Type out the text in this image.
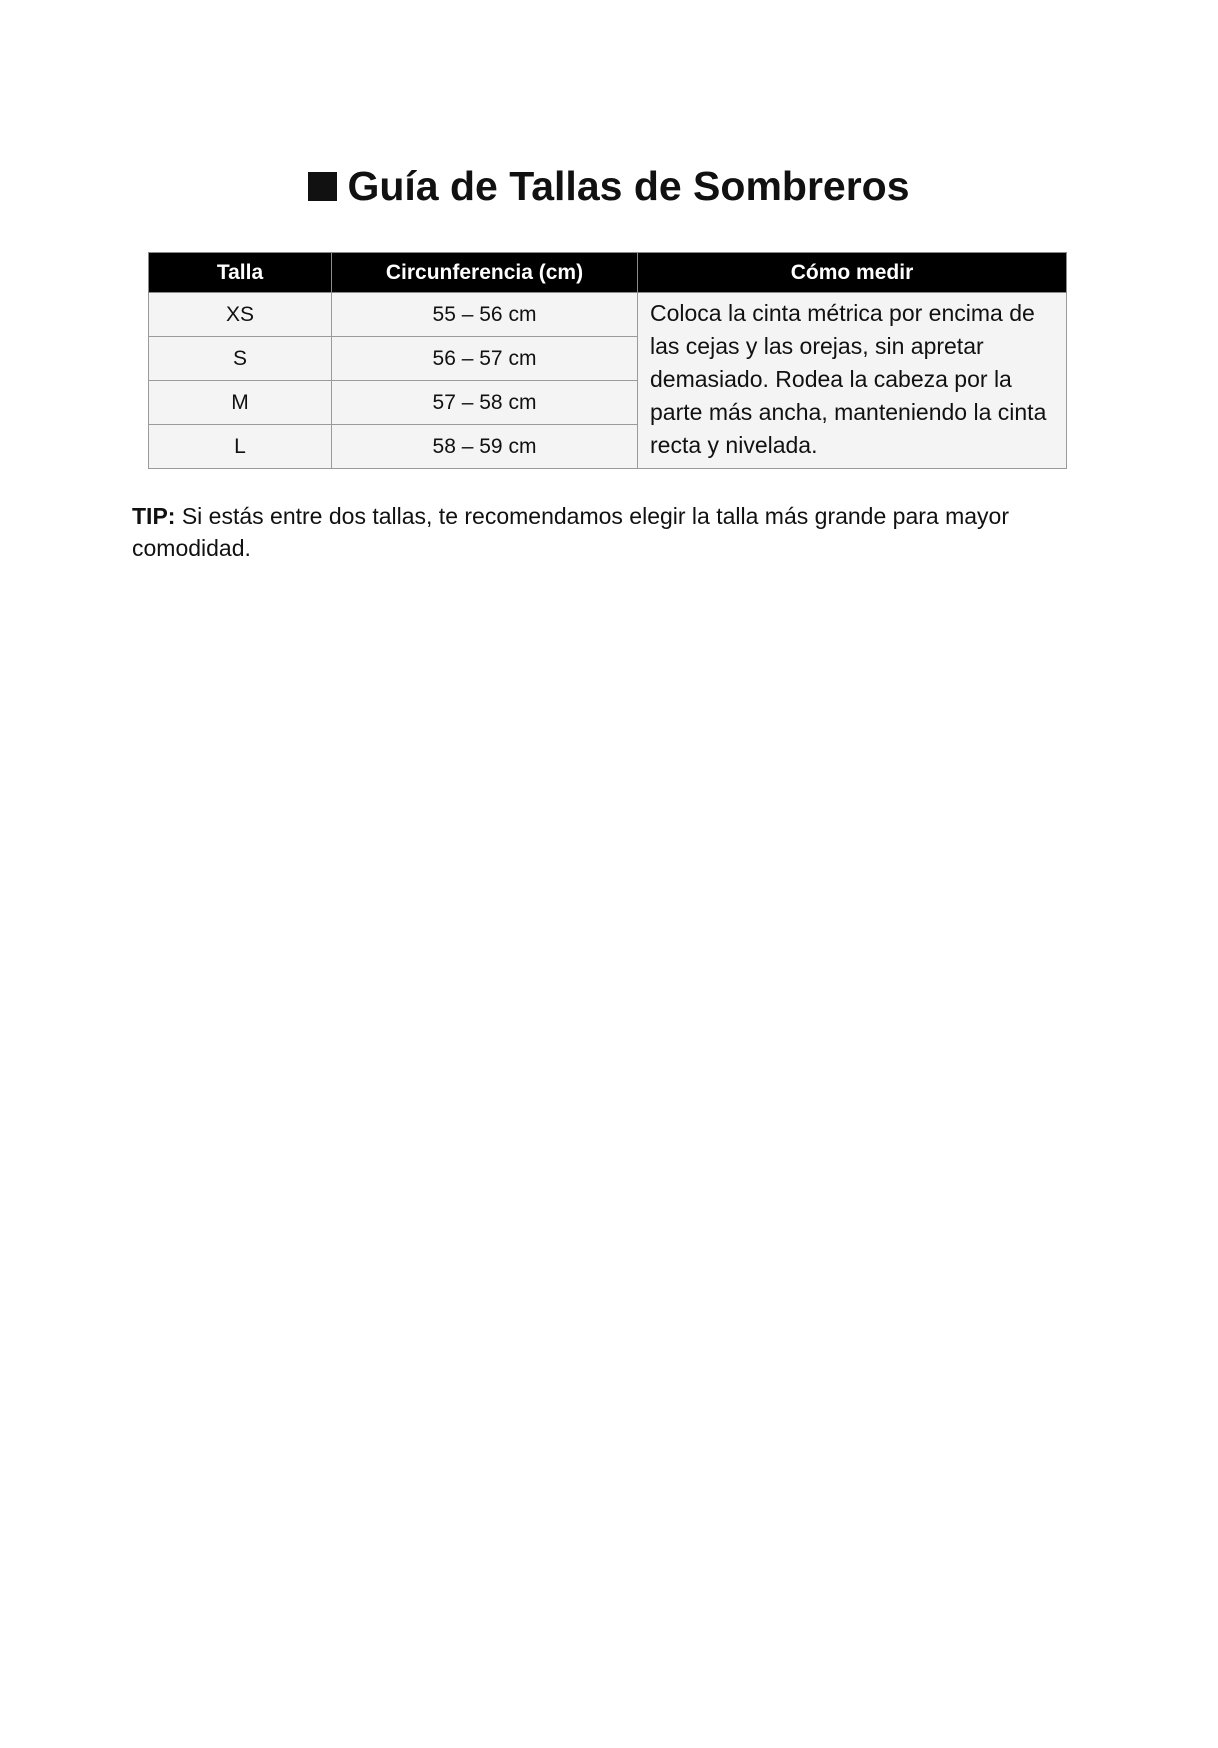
Guía de Tallas de Sombreros
Talla	Circunferencia (cm)	Cómo medir
XS	55 – 56 cm	Coloca la cinta métrica por encima de las cejas y las orejas, sin apretar demasiado. Rodea la cabeza por la parte más ancha, manteniendo la cinta recta y nivelada.
S	56 – 57 cm	
M	57 – 58 cm	
L	58 – 59 cm	

TIP: Si estás entre dos tallas, te recomendamos elegir la talla más grande para mayor comodidad.
